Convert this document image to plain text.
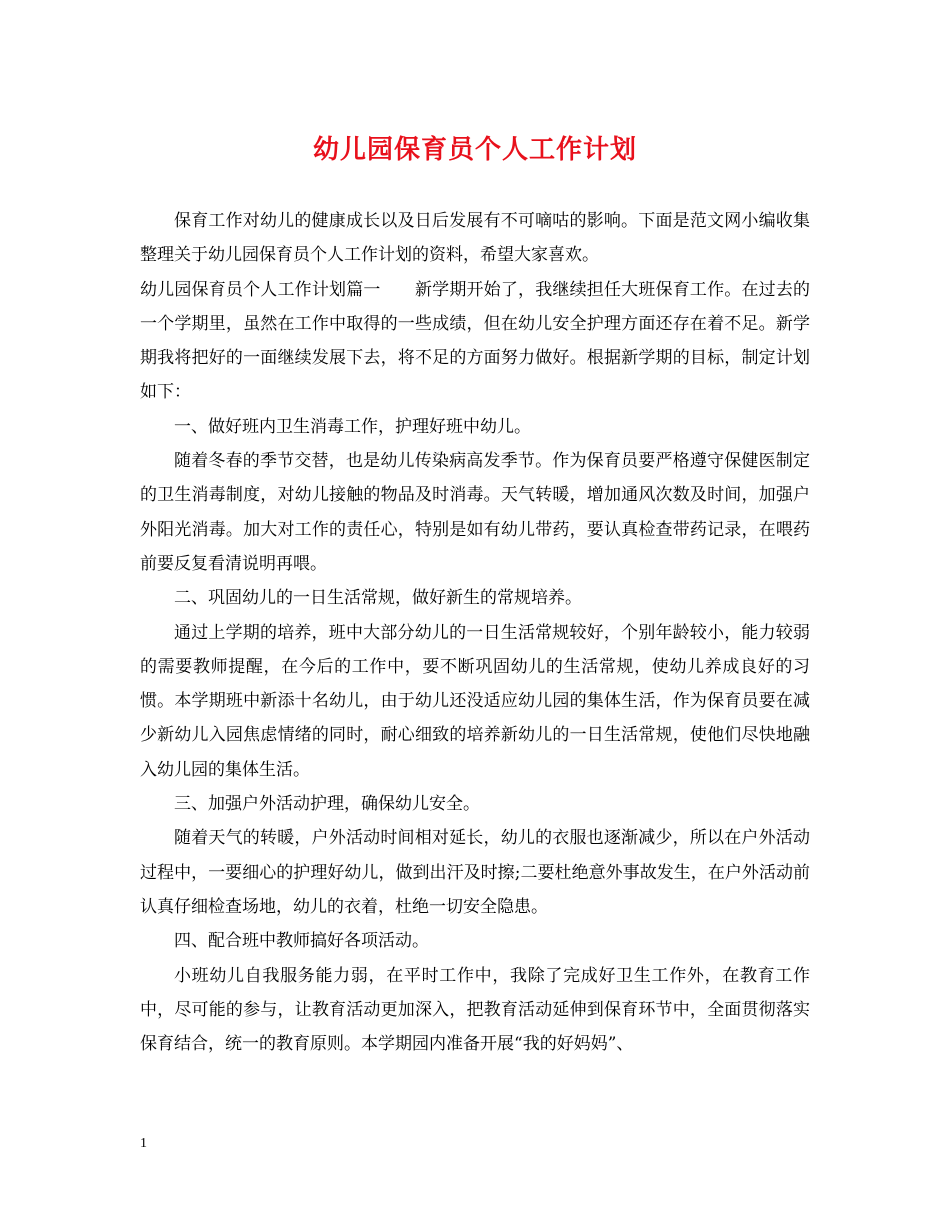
幼儿园保育员个人工作计划

保育工作对幼儿的健康成长以及日后发展有不可嘀咕的影响。下面是范文网小编收集整理关于幼儿园保育员个人工作计划的资料，希望大家喜欢。

幼儿园保育员个人工作计划篇一　　新学期开始了，我继续担任大班保育工作。在过去的一个学期里，虽然在工作中取得的一些成绩，但在幼儿安全护理方面还存在着不足。新学期我将把好的一面继续发展下去，将不足的方面努力做好。根据新学期的目标，制定计划如下：

一、做好班内卫生消毒工作，护理好班中幼儿。

随着冬春的季节交替，也是幼儿传染病高发季节。作为保育员要严格遵守保健医制定的卫生消毒制度，对幼儿接触的物品及时消毒。天气转暖，增加通风次数及时间，加强户外阳光消毒。加大对工作的责任心，特别是如有幼儿带药，要认真检查带药记录，在喂药前要反复看清说明再喂。

二、巩固幼儿的一日生活常规，做好新生的常规培养。

通过上学期的培养，班中大部分幼儿的一日生活常规较好，个别年龄较小，能力较弱的需要教师提醒，在今后的工作中，要不断巩固幼儿的生活常规，使幼儿养成良好的习惯。本学期班中新添十名幼儿，由于幼儿还没适应幼儿园的集体生活，作为保育员要在减少新幼儿入园焦虑情绪的同时，耐心细致的培养新幼儿的一日生活常规，使他们尽快地融入幼儿园的集体生活。

三、加强户外活动护理，确保幼儿安全。

随着天气的转暖，户外活动时间相对延长，幼儿的衣服也逐渐减少，所以在户外活动过程中，一要细心的护理好幼儿，做到出汗及时擦;二要杜绝意外事故发生，在户外活动前认真仔细检查场地，幼儿的衣着，杜绝一切安全隐患。

四、配合班中教师搞好各项活动。

小班幼儿自我服务能力弱，在平时工作中，我除了完成好卫生工作外，在教育工作中，尽可能的参与，让教育活动更加深入，把教育活动延伸到保育环节中，全面贯彻落实保育结合，统一的教育原则。本学期园内准备开展“我的好妈妈”、

1
